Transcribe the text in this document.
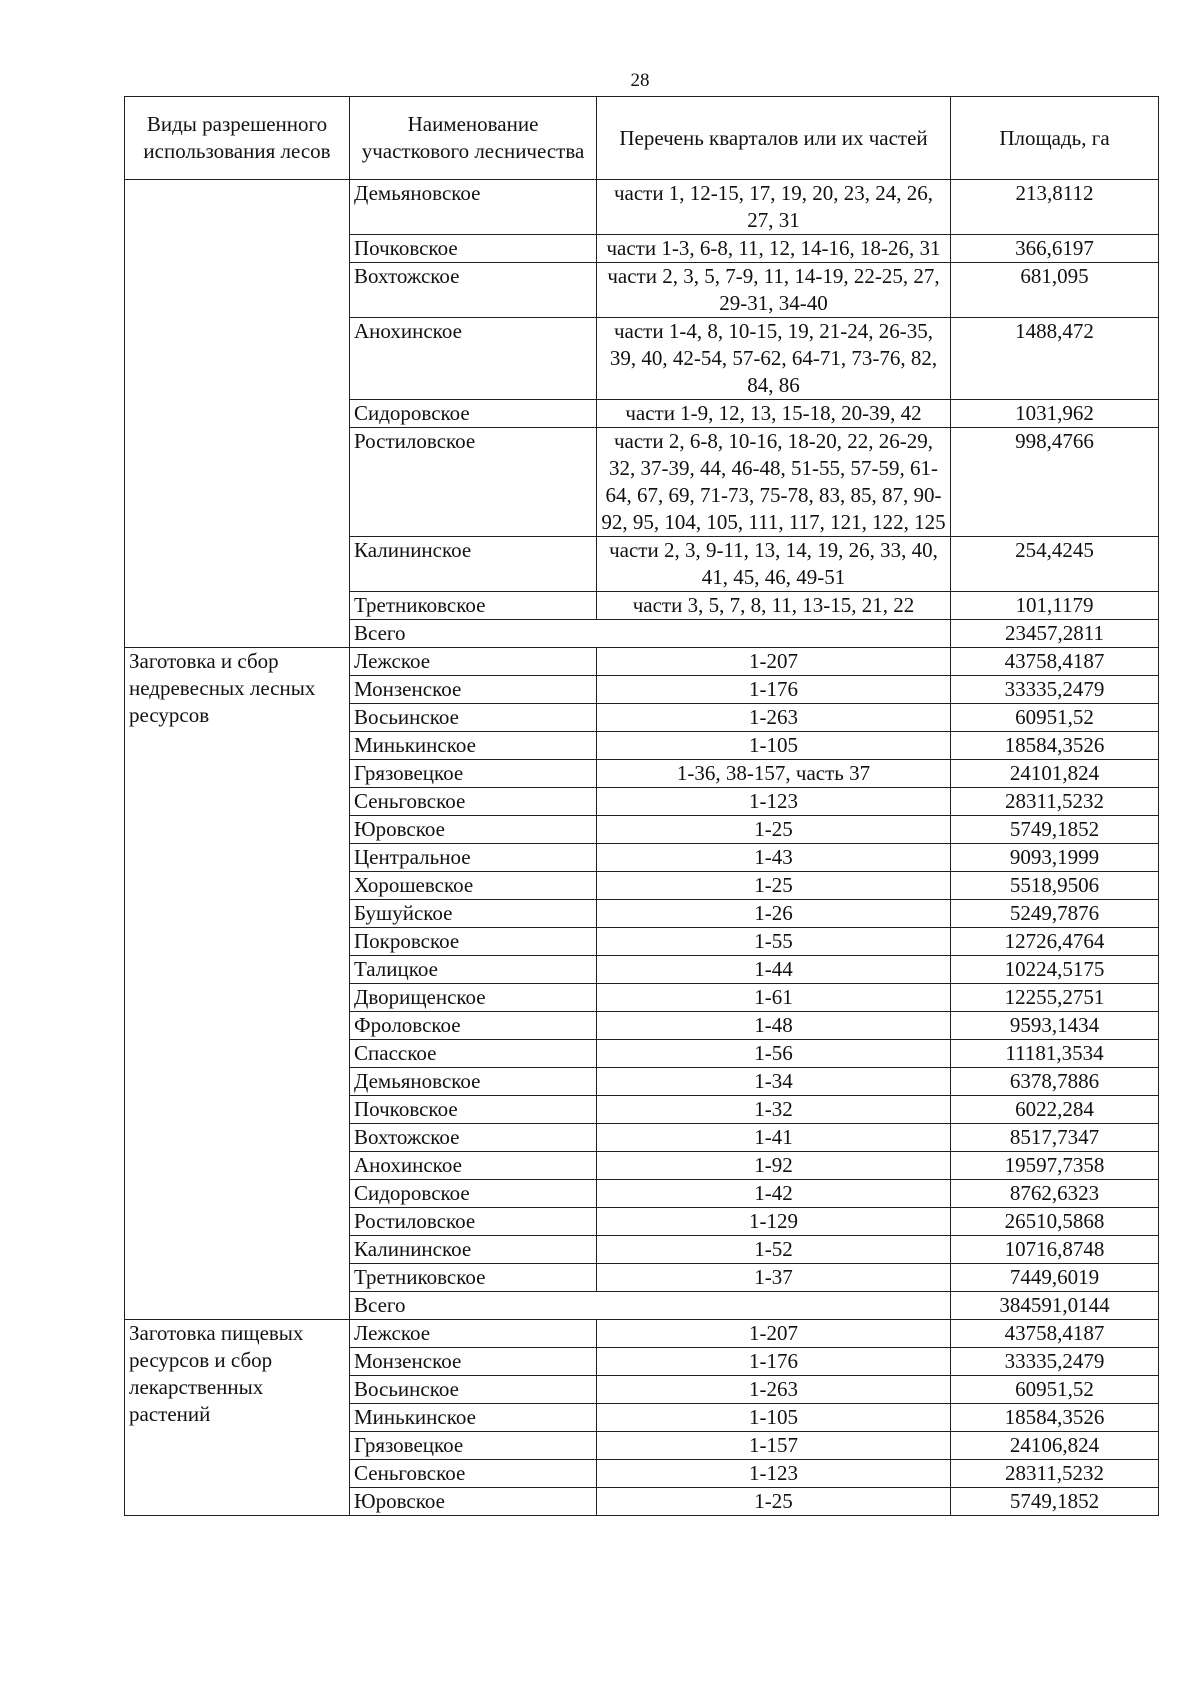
28
Виды разрешенного использования лесов	Наименование участкового лесничества	Перечень кварталов или их частей	Площадь, га
	Демьяновское	части 1, 12-15, 17, 19, 20, 23, 24, 26, 27, 31	213,8112
	Почковское	части 1-3, 6-8, 11, 12, 14-16, 18-26, 31	366,6197
	Вохтожское	части 2, 3, 5, 7-9, 11, 14-19, 22-25, 27, 29-31, 34-40	681,095
	Анохинское	части 1-4, 8, 10-15, 19, 21-24, 26-35, 39, 40, 42-54, 57-62, 64-71, 73-76, 82, 84, 86	1488,472
	Сидоровское	части 1-9, 12, 13, 15-18, 20-39, 42	1031,962
	Ростиловское	части 2, 6-8, 10-16, 18-20, 22, 26-29, 32, 37-39, 44, 46-48, 51-55, 57-59, 61-64, 67, 69, 71-73, 75-78, 83, 85, 87, 90-92, 95, 104, 105, 111, 117, 121, 122, 125	998,4766
	Калининское	части 2, 3, 9-11, 13, 14, 19, 26, 33, 40, 41, 45, 46, 49-51	254,4245
	Третниковское	части 3, 5, 7, 8, 11, 13-15, 21, 22	101,1179
	Всего		23457,2811
Заготовка и сбор недревесных лесных ресурсов	Лежское	1-207	43758,4187
	Монзенское	1-176	33335,2479
	Восьинское	1-263	60951,52
	Минькинское	1-105	18584,3526
	Грязовецкое	1-36, 38-157, часть 37	24101,824
	Сеньговское	1-123	28311,5232
	Юровское	1-25	5749,1852
	Центральное	1-43	9093,1999
	Хорошевское	1-25	5518,9506
	Бушуйское	1-26	5249,7876
	Покровское	1-55	12726,4764
	Талицкое	1-44	10224,5175
	Дворищенское	1-61	12255,2751
	Фроловское	1-48	9593,1434
	Спасское	1-56	11181,3534
	Демьяновское	1-34	6378,7886
	Почковское	1-32	6022,284
	Вохтожское	1-41	8517,7347
	Анохинское	1-92	19597,7358
	Сидоровское	1-42	8762,6323
	Ростиловское	1-129	26510,5868
	Калининское	1-52	10716,8748
	Третниковское	1-37	7449,6019
	Всего		384591,0144
Заготовка пищевых ресурсов и сбор лекарственных растений	Лежское	1-207	43758,4187
	Монзенское	1-176	33335,2479
	Восьинское	1-263	60951,52
	Минькинское	1-105	18584,3526
	Грязовецкое	1-157	24106,824
	Сеньговское	1-123	28311,5232
	Юровское	1-25	5749,1852
